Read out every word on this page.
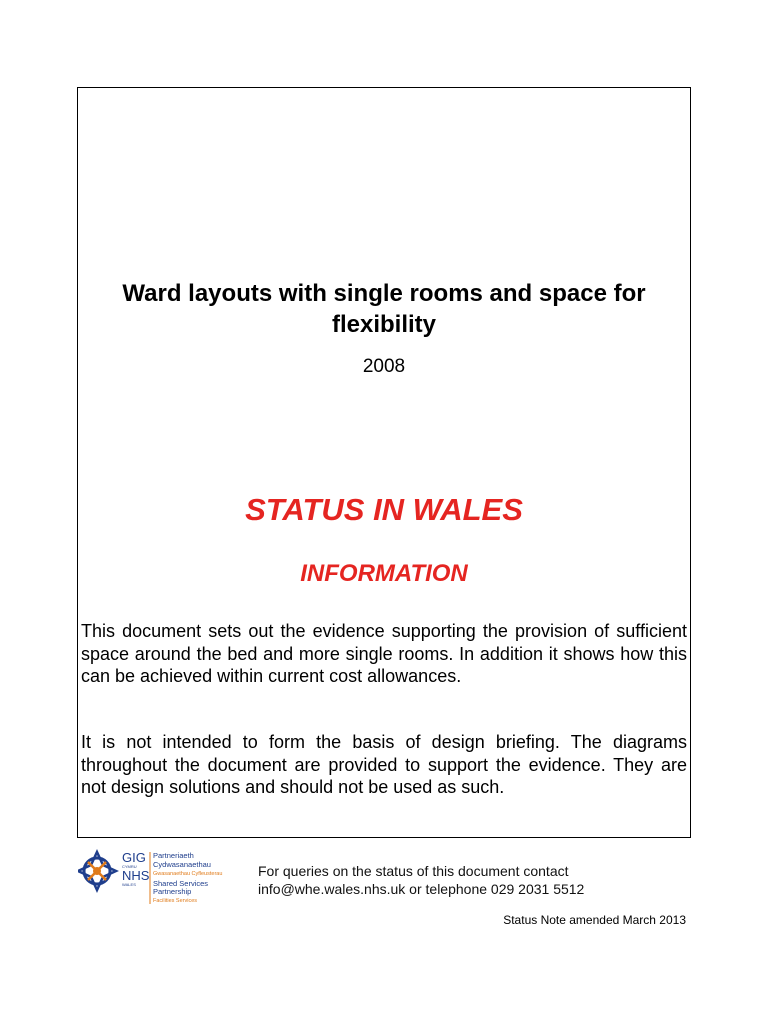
Ward layouts with single rooms and space for flexibility
2008
STATUS IN WALES
INFORMATION

This document sets out the evidence supporting the provision of sufficient space around the bed and more single rooms. In addition it shows how this can be achieved within current cost allowances.

It is not intended to form the basis of design briefing. The diagrams throughout the document are provided to support the evidence. They are not design solutions and should not be used as such.

GIG
CYMRU
NHS
WALES
Partneriaeth
Cydwasanaethau
Gwasanaethau Cyfleusterau
Shared Services
Partnership
Facilities Services
For queries on the status of this document contact
info@whe.wales.nhs.uk or telephone 029 2031 5512
Status Note amended March 2013
